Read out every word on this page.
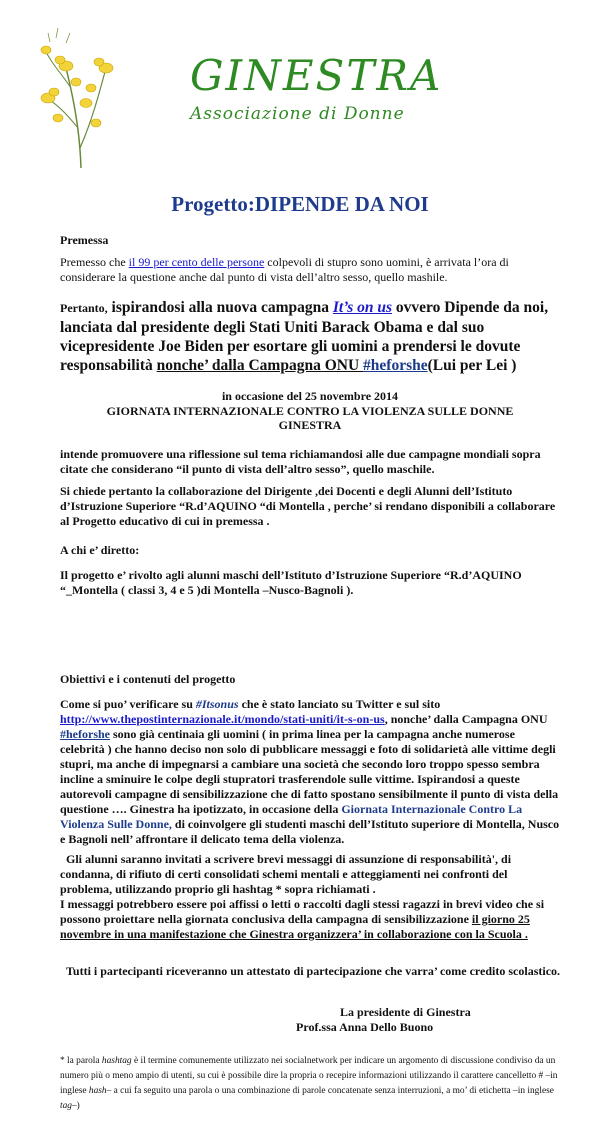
GINESTRA
Associazione di Donne
Progetto:DIPENDE DA NOI
Premessa
Premesso che il 99 per cento delle persone colpevoli di stupro sono uomini, è arrivata l’ora di considerare la questione anche dal punto di vista dell’altro sesso, quello mashile.
Pertanto, ispirandosi alla nuova campagna It’s on us ovvero Dipende da noi, lanciata dal presidente degli Stati Uniti Barack Obama e dal suo vicepresidente Joe Biden per esortare gli uomini a prendersi le dovute responsabilità nonche’ dalla Campagna ONU #heforshe(Lui per Lei )
in occasione del 25 novembre 2014
GIORNATA INTERNAZIONALE CONTRO LA VIOLENZA SULLE DONNE
GINESTRA
intende promuovere una riflessione sul tema richiamandosi alle due campagne mondiali sopra citate che considerano “il punto di vista dell’altro sesso”, quello maschile.
Si chiede pertanto la collaborazione del Dirigente ,dei Docenti e degli Alunni dell’Istituto d’Istruzione Superiore “R.d’AQUINO “di Montella , perche’ si rendano disponibili a collaborare al Progetto educativo di cui in premessa .
A chi e’ diretto:
Il progetto e’ rivolto agli alunni maschi dell’Istituto d’Istruzione Superiore “R.d’AQUINO “_Montella ( classi 3, 4 e 5 )di Montella –Nusco-Bagnoli ).
Obiettivi e i contenuti del progetto
Come si puo’ verificare su #Itsonus che è stato lanciato su Twitter e sul sito http://www.thepostinternazionale.it/mondo/stati-uniti/it-s-on-us, nonche’ dalla Campagna ONU #heforshe sono già centinaia gli uomini ( in prima linea per la campagna anche numerose celebrità ) che hanno deciso non solo di pubblicare messaggi e foto di solidarietà alle vittime degli stupri, ma anche di impegnarsi a cambiare una società che secondo loro troppo spesso sembra incline a sminuire le colpe degli stupratori trasferendole sulle vittime. Ispirandosi a queste autorevoli campagne di sensibilizzazione che di fatto spostano sensibilmente il punto di vista della questione …. Ginestra ha ipotizzato, in occasione della Giornata Internazionale Contro La Violenza Sulle Donne, di coinvolgere gli studenti maschi dell’Istituto superiore di Montella, Nusco e Bagnoli nell’ affrontare il delicato tema della violenza.
Gli alunni saranno invitati a scrivere brevi messaggi di assunzione di responsabilità', di condanna, di rifiuto di certi consolidati schemi mentali e atteggiamenti nei confronti del problema, utilizzando proprio gli hashtag * sopra richiamati .
I messaggi potrebbero essere poi affissi o letti o raccolti dagli stessi ragazzi in brevi video che si possono proiettare nella giornata conclusiva della campagna di sensibilizzazione il giorno 25 novembre in una manifestazione che Ginestra organizzera’ in collaborazione con la Scuola .
Tutti i partecipanti riceveranno un attestato di partecipazione che varra’ come credito scolastico.
La presidente di Ginestra
Prof.ssa Anna Dello Buono
* la parola hashtag è il termine comunemente utilizzato nei socialnetwork per indicare un argomento di discussione condiviso da un numero più o meno ampio di utenti, su cui è possibile dire la propria o recepire informazioni utilizzando il carattere cancelletto # –in inglese hash– a cui fa seguito una parola o una combinazione di parole concatenate senza interruzioni, a mo’ di etichetta –in inglese tag–)
